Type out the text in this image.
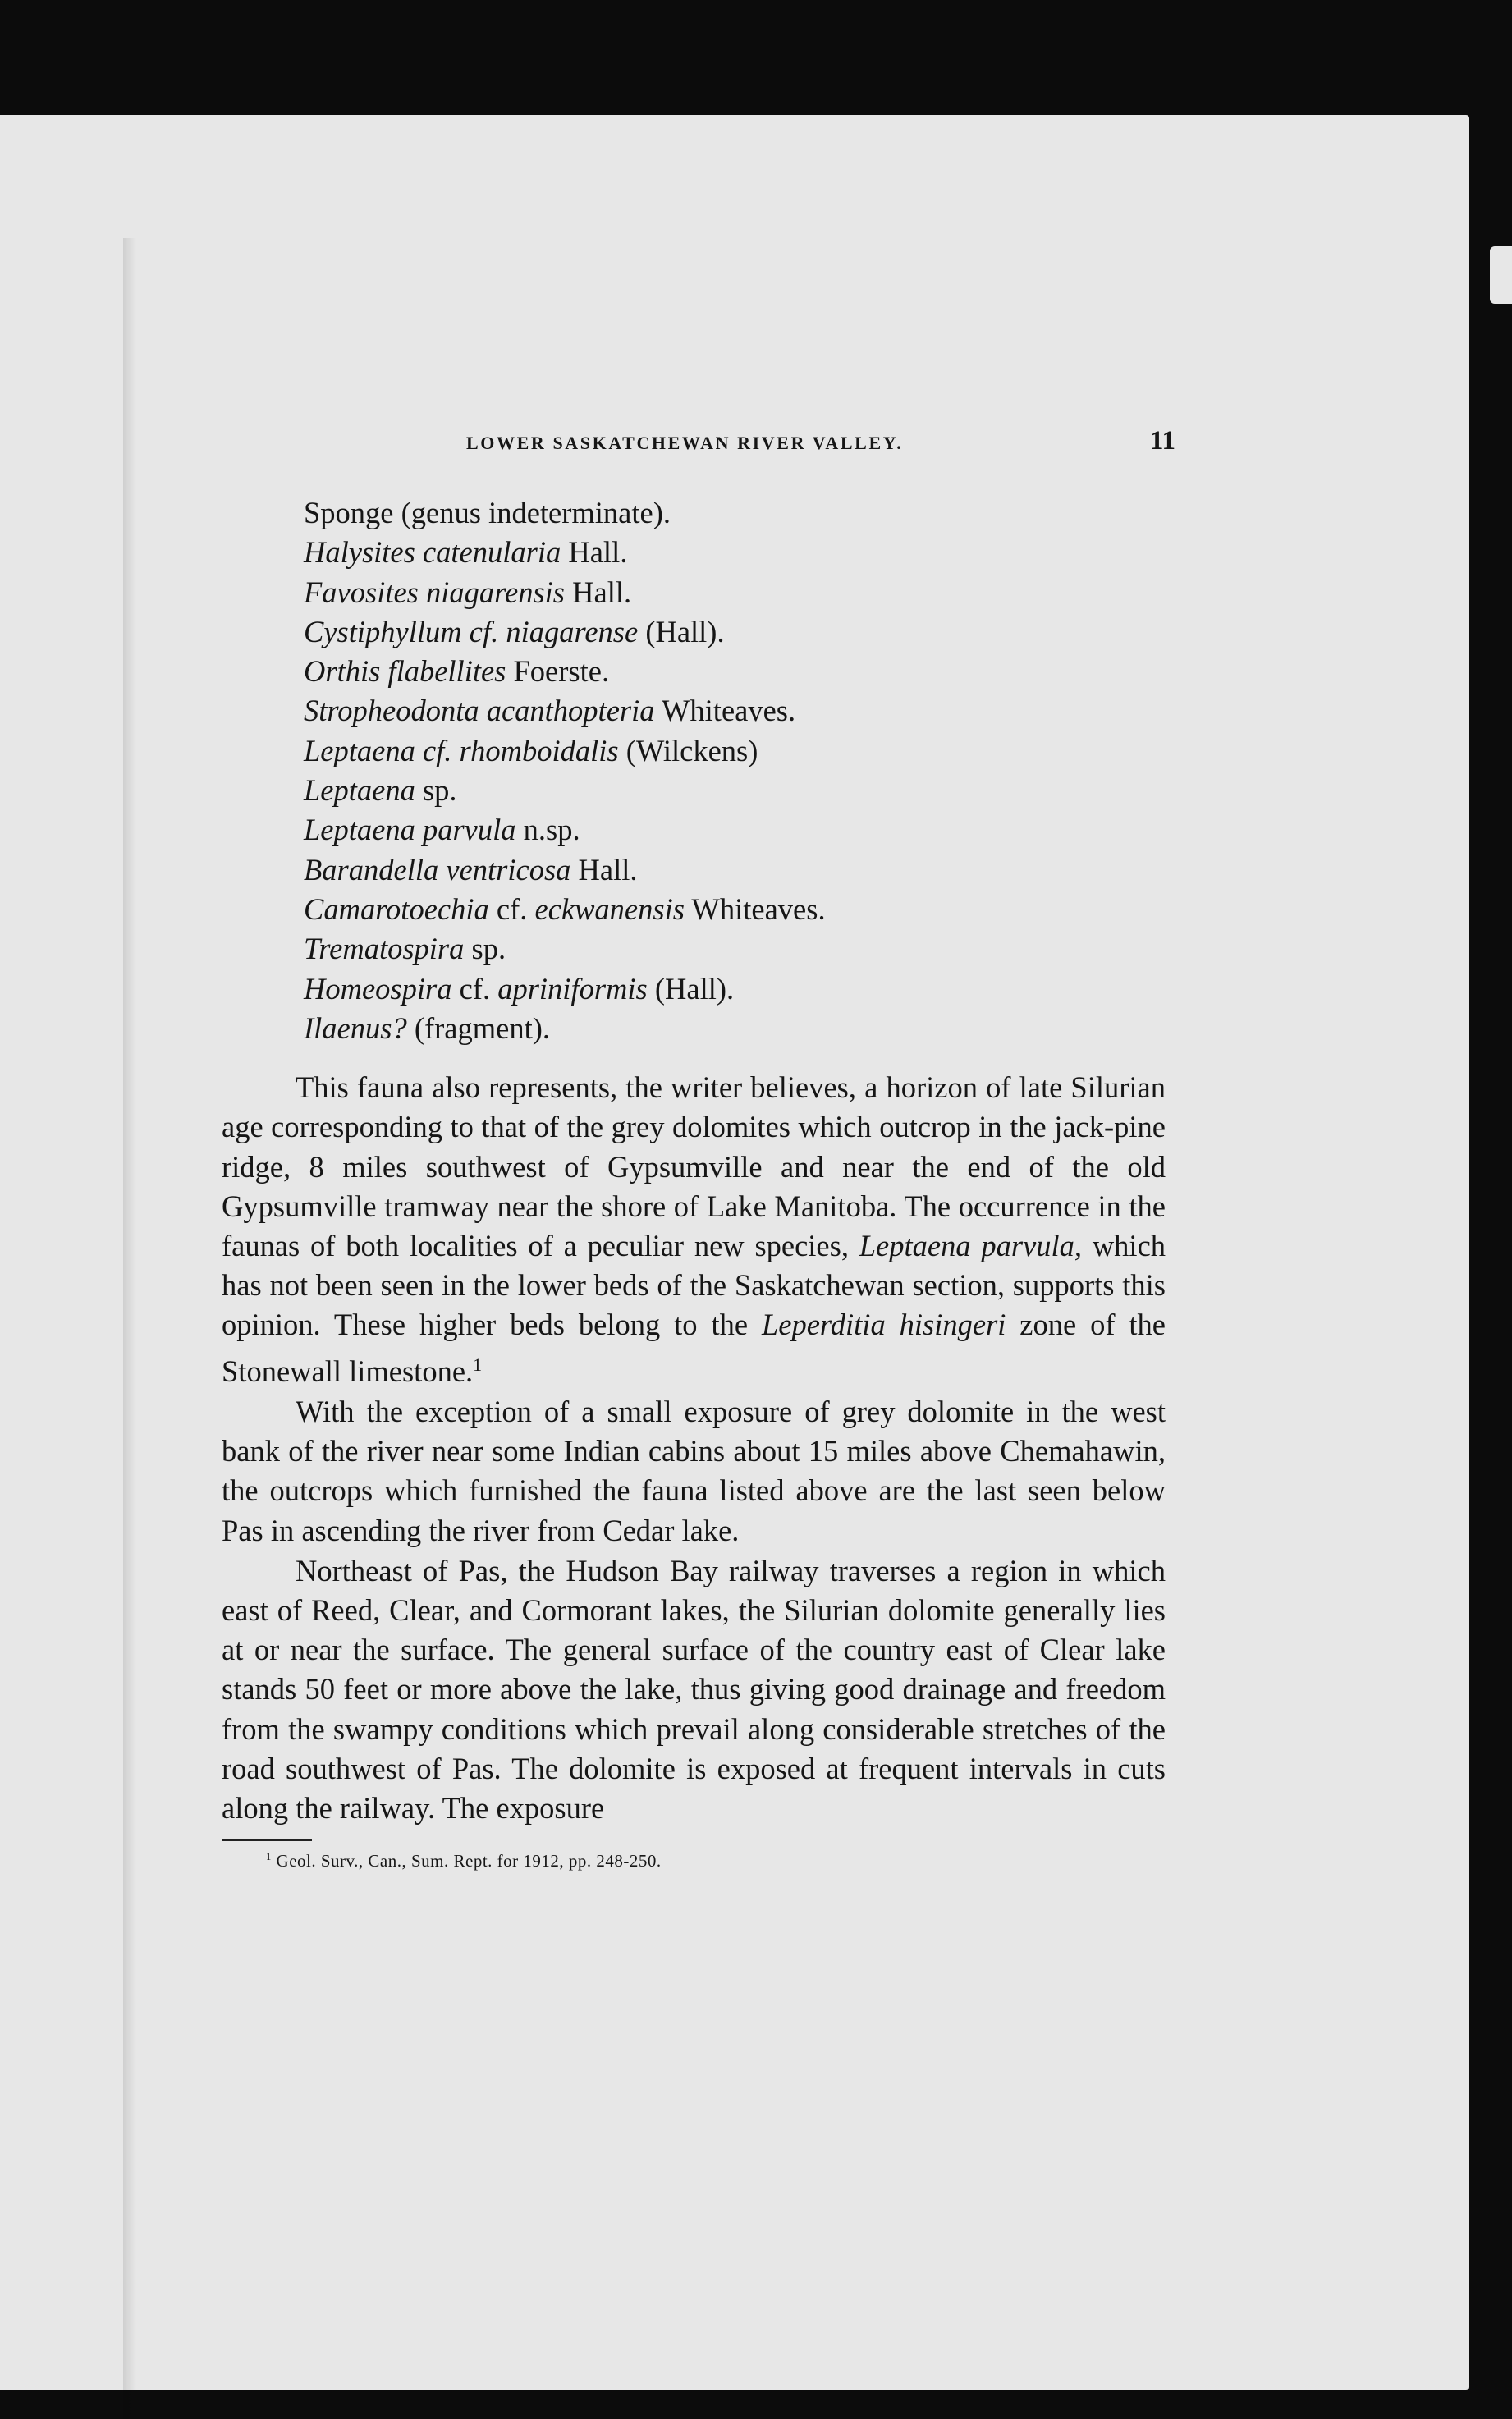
LOWER SASKATCHEWAN RIVER VALLEY.	11
Sponge (genus indeterminate).
Halysites catenularia Hall.
Favosites niagarensis Hall.
Cystiphyllum cf. niagarense (Hall).
Orthis flabellites Foerste.
Stropheodonta acanthopteria Whiteaves.
Leptaena cf. rhomboidalis (Wilckens)
Leptaena sp.
Leptaena parvula n.sp.
Barandella ventricosa Hall.
Camarotoechia cf. eckwanensis Whiteaves.
Trematospira sp.
Homeospira cf. apriniformis (Hall).
Ilaenus? (fragment).

This fauna also represents, the writer believes, a horizon of late Silurian age corresponding to that of the grey dolomites which outcrop in the jack-pine ridge, 8 miles southwest of Gypsumville and near the end of the old Gypsumville tramway near the shore of Lake Manitoba. The occurrence in the faunas of both localities of a peculiar new species, Leptaena parvula, which has not been seen in the lower beds of the Saskatchewan section, supports this opinion. These higher beds belong to the Leperditia hisingeri zone of the Stonewall limestone.$^1$

With the exception of a small exposure of grey dolomite in the west bank of the river near some Indian cabins about 15 miles above Chemahawin, the outcrops which furnished the fauna listed above are the last seen below Pas in ascending the river from Cedar lake.

Northeast of Pas, the Hudson Bay railway traverses a region in which east of Reed, Clear, and Cormorant lakes, the Silurian dolomite generally lies at or near the surface. The general surface of the country east of Clear lake stands 50 feet or more above the lake, thus giving good drainage and freedom from the swampy conditions which prevail along considerable stretches of the road southwest of Pas. The dolomite is exposed at frequent intervals in cuts along the railway. The exposure

$^1$ Geol. Surv., Can., Sum. Rept. for 1912, pp. 248-250.
